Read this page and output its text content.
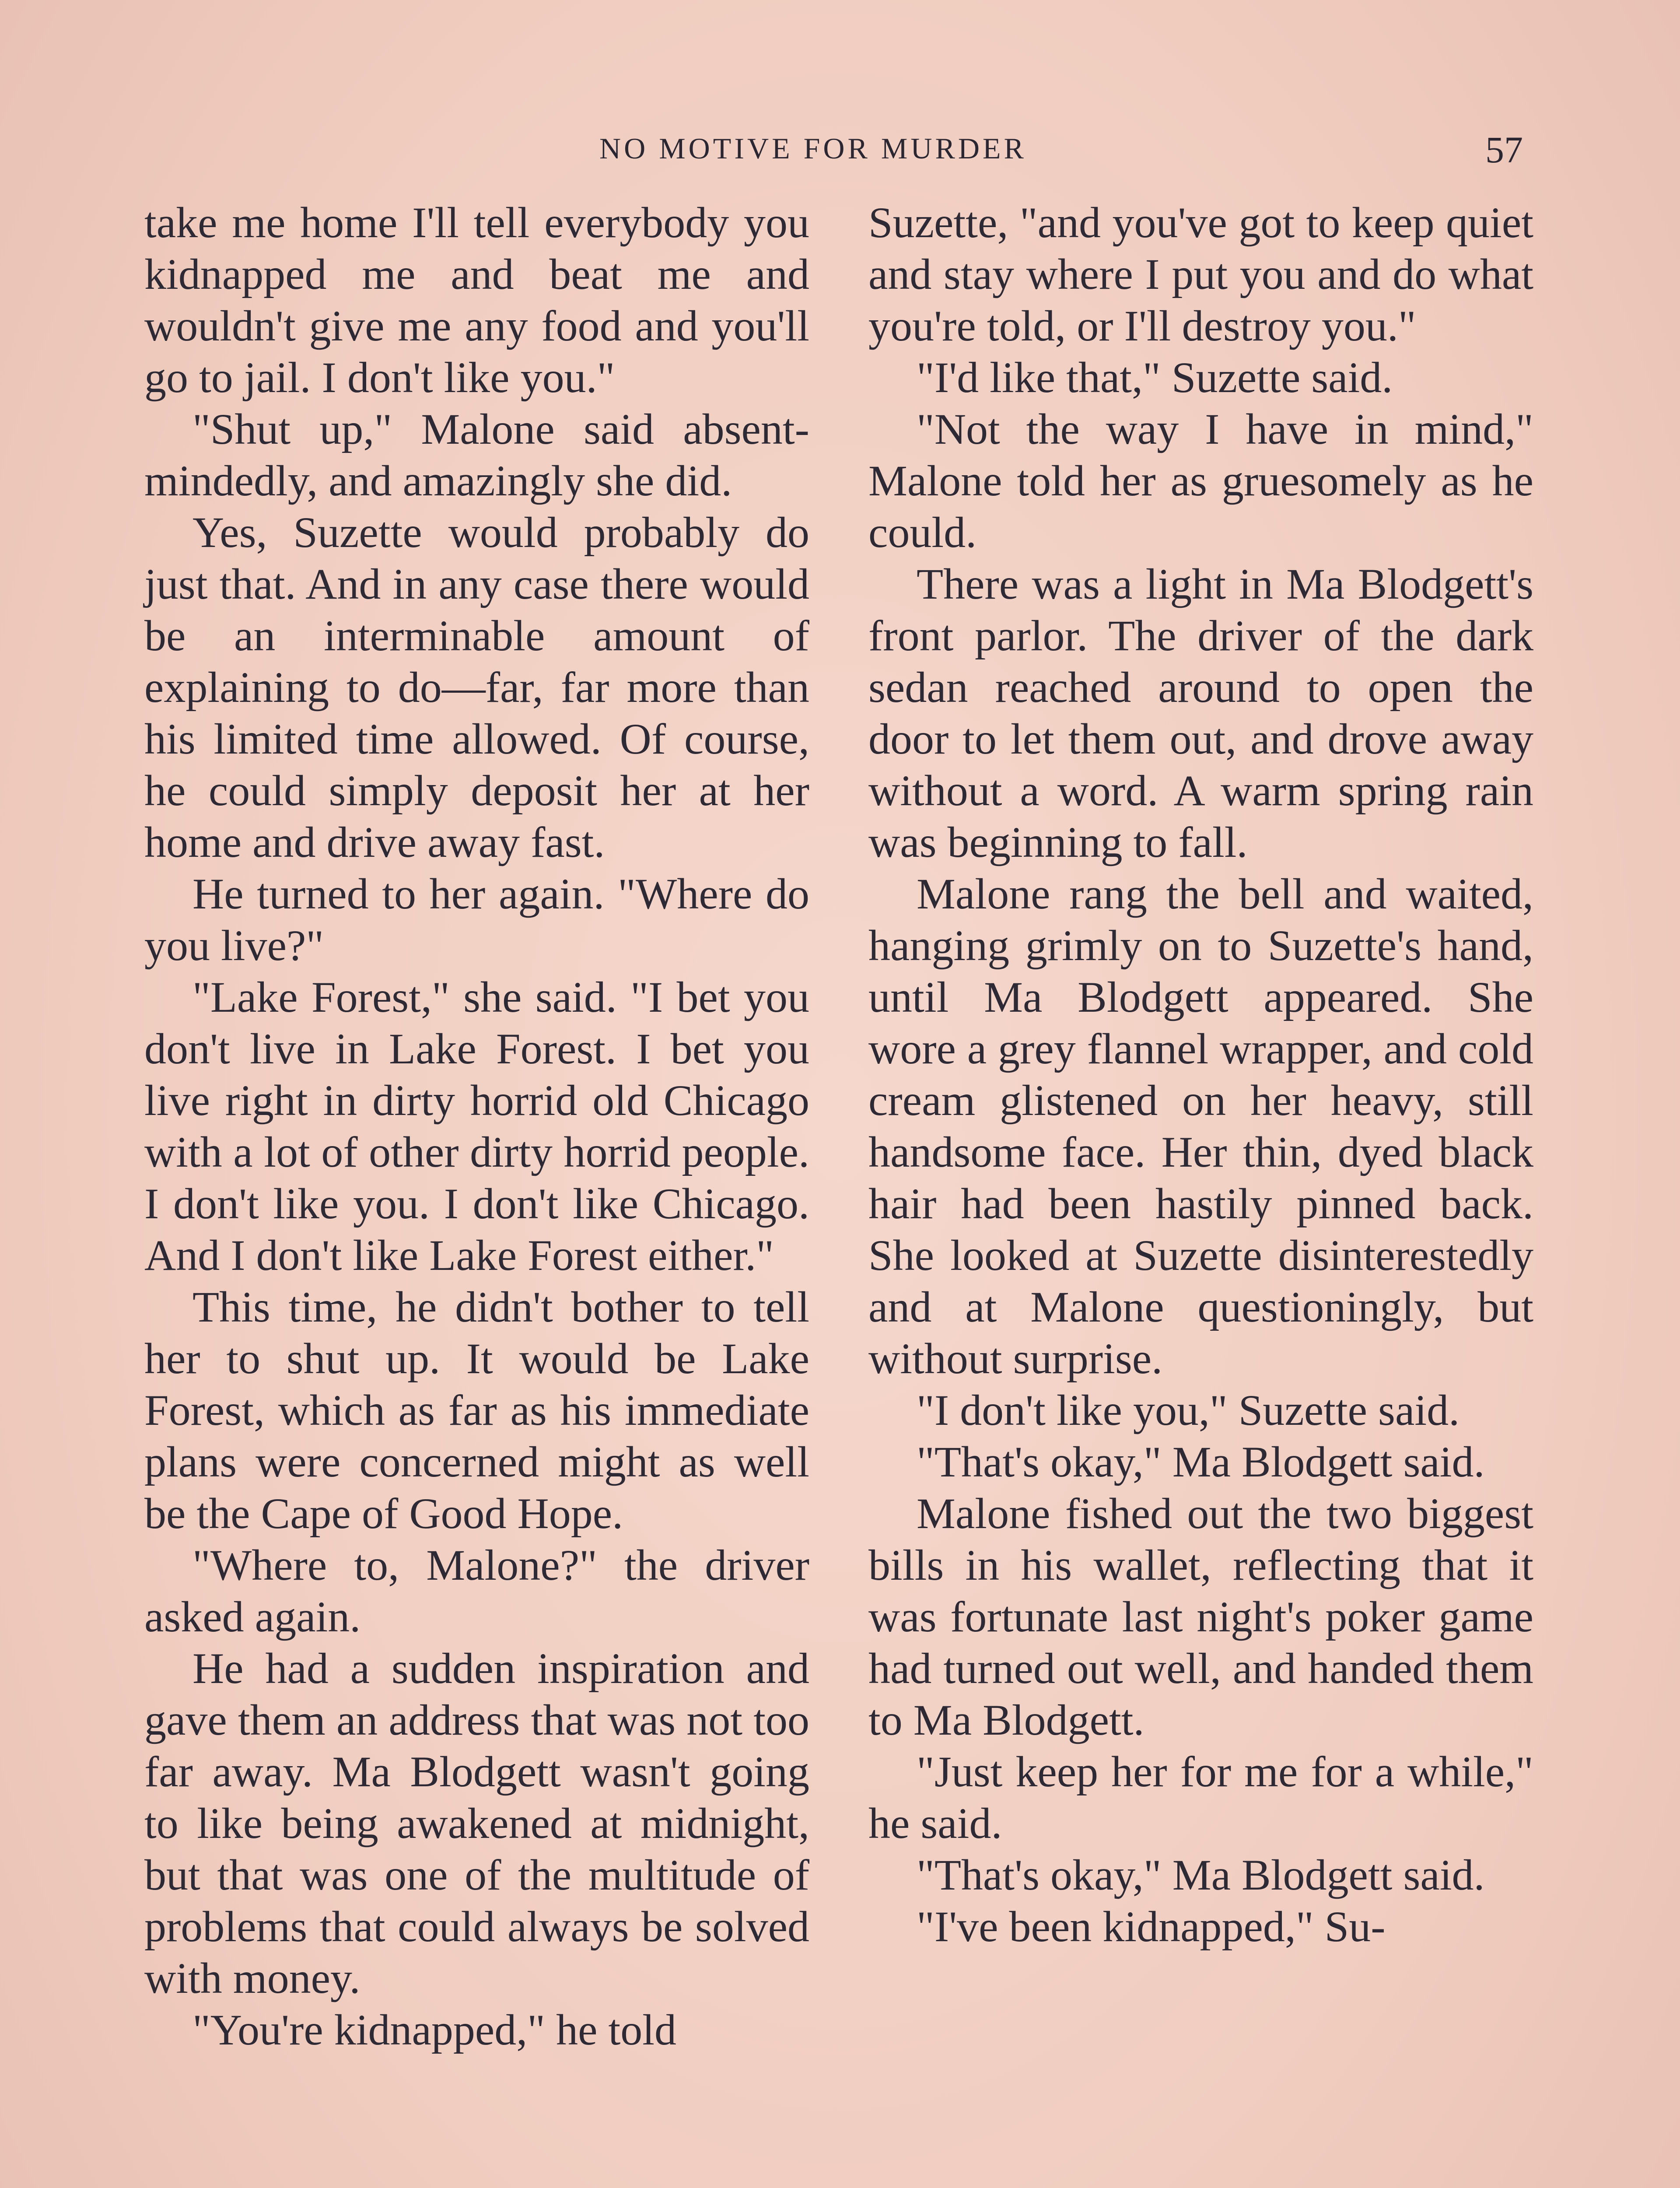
NO MOTIVE FOR MURDER	57

take me home I'll tell everybody you kidnapped me and beat me and wouldn't give me any food and you'll go to jail. I don't like you."

"Shut up," Malone said absent-mindedly, and amazingly she did.

Yes, Suzette would probably do just that. And in any case there would be an interminable amount of explaining to do—far, far more than his limited time allowed. Of course, he could simply deposit her at her home and drive away fast.

He turned to her again. "Where do you live?"

"Lake Forest," she said. "I bet you don't live in Lake Forest. I bet you live right in dirty horrid old Chicago with a lot of other dirty horrid people. I don't like you. I don't like Chicago. And I don't like Lake Forest either."

This time, he didn't bother to tell her to shut up. It would be Lake Forest, which as far as his immediate plans were concerned might as well be the Cape of Good Hope.

"Where to, Malone?" the driver asked again.

He had a sudden inspiration and gave them an address that was not too far away. Ma Blodgett wasn't going to like being awakened at midnight, but that was one of the multitude of problems that could always be solved with money.

"You're kidnapped," he told

Suzette, "and you've got to keep quiet and stay where I put you and do what you're told, or I'll destroy you."

"I'd like that," Suzette said.

"Not the way I have in mind," Malone told her as gruesomely as he could.

There was a light in Ma Blodgett's front parlor. The driver of the dark sedan reached around to open the door to let them out, and drove away without a word. A warm spring rain was beginning to fall.

Malone rang the bell and waited, hanging grimly on to Suzette's hand, until Ma Blodgett appeared. She wore a grey flannel wrapper, and cold cream glistened on her heavy, still handsome face. Her thin, dyed black hair had been hastily pinned back. She looked at Suzette disinterestedly and at Malone questioningly, but without surprise.

"I don't like you," Suzette said.

"That's okay," Ma Blodgett said.

Malone fished out the two biggest bills in his wallet, reflecting that it was fortunate last night's poker game had turned out well, and handed them to Ma Blodgett.

"Just keep her for me for a while," he said.

"That's okay," Ma Blodgett said.

"I've been kidnapped," Su-
